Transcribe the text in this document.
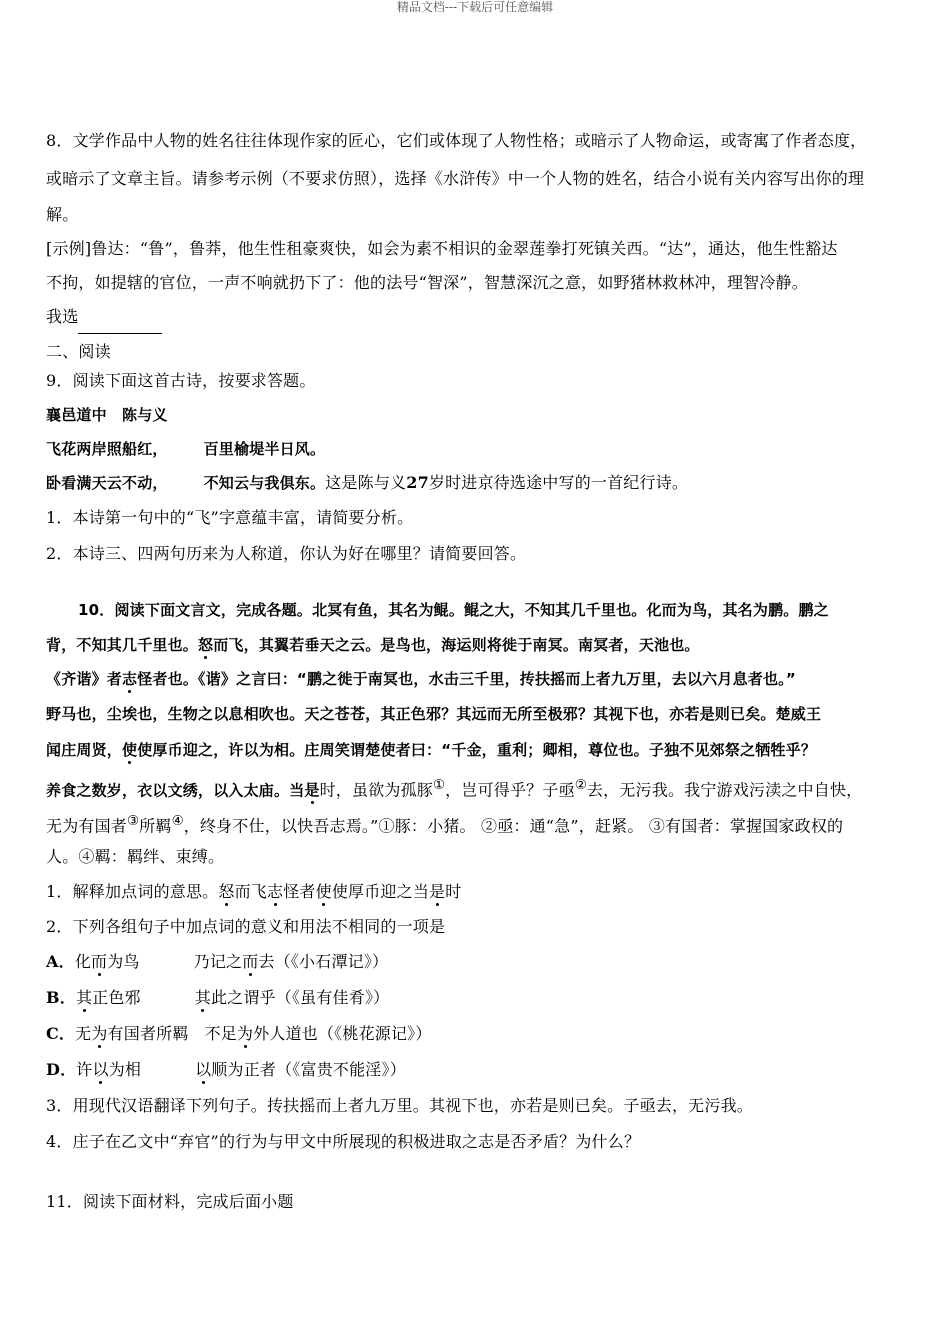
精品文档---下载后可任意编辑
8．文学作品中人物的姓名往往体现作家的匠心，它们或体现了人物性格；或暗示了人物命运，或寄寓了作者态度，
或暗示了文章主旨。请参考示例（不要求仿照），选择《水浒传》中一个人物的姓名，结合小说有关内容写出你的理
解。
[示例]鲁达：“鲁”，鲁莽，他生性租豪爽快，如会为素不相识的金翠莲拳打死镇关西。“达”，通达，他生性豁达
不拘，如提辖的官位，一声不响就扔下了：他的法号“智深”，智慧深沉之意，如野猪林救林冲，理智冷静。
我选
二、阅读
9．阅读下面这首古诗，按要求答题。
襄邑道中　陈与义
飞花两岸照船红， 百里榆堤半日风。
卧看满天云不动， 不知云与我俱东。这是陈与义27岁时进京待选途中写的一首纪行诗。
1．本诗第一句中的“飞”字意蕴丰富，请简要分析。
2．本诗三、四两句历来为人称道，你认为好在哪里？请简要回答。
10．阅读下面文言文，完成各题。北冥有鱼，其名为鲲。鲲之大，不知其几千里也。化而为鸟，其名为鹏。鹏之
背，不知其几千里也。怒而飞，其翼若垂天之云。是鸟也，海运则将徙于南冥。南冥者，天池也。
《齐谐》者志怪者也。《谐》之言曰：“鹏之徙于南冥也，水击三千里，抟扶摇而上者九万里，去以六月息者也。”
野马也，尘埃也，生物之以息相吹也。天之苍苍，其正色邪？其远而无所至极邪？其视下也，亦若是则已矣。楚威王
闻庄周贤，使使厚币迎之，许以为相。庄周笑谓楚使者曰：“千金，重利；卿相，尊位也。子独不见郊祭之牺牲乎？
养食之数岁，衣以文绣，以入太庙。当是时，虽欲为孤豚①，岂可得乎？子亟②去，无污我。我宁游戏污渎之中自快，
无为有国者③所羁④，终身不仕，以快吾志焉。”①豚：小猪。 ②亟：通“急”，赶紧。 ③有国者：掌握国家政权的
人。④羁：羁绊、束缚。
1．解释加点词的意思。怒而飞志怪者使使厚币迎之当是时
2．下列各组句子中加点词的意义和用法不相同的一项是
A．化而为鸟	乃记之而去（《小石潭记》）
B．其正色邪	其此之谓乎（《虽有佳肴》）
C．无为有国者所羁 不足为外人道也（《桃花源记》）
D．许以为相	以顺为正者（《富贵不能淫》）
3．用现代汉语翻译下列句子。抟扶摇而上者九万里。其视下也，亦若是则已矣。子亟去，无污我。
4．庄子在乙文中“弃官”的行为与甲文中所展现的积极进取之志是否矛盾？为什么？
11．阅读下面材料，完成后面小题
